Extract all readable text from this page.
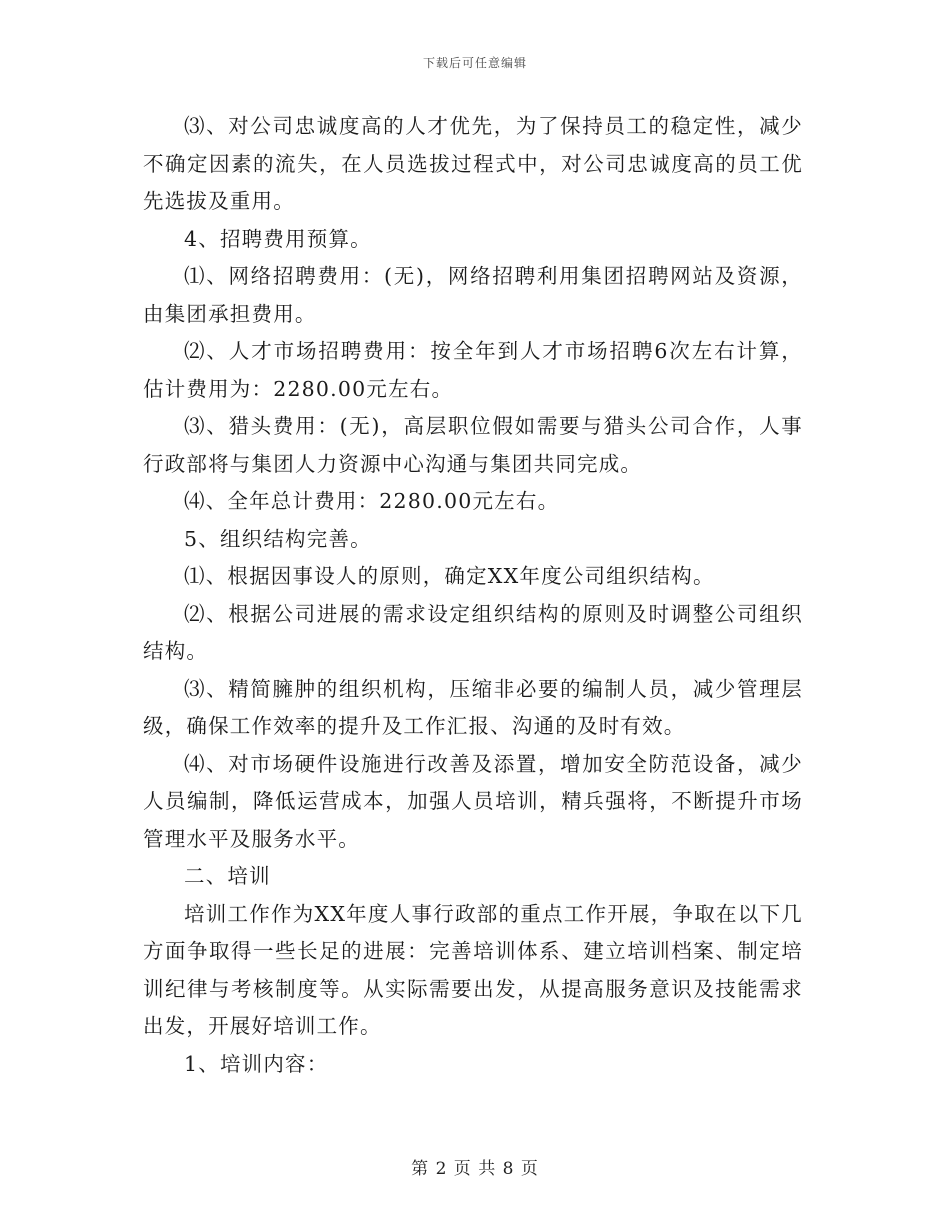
下载后可任意编辑

⑶、对公司忠诚度高的人才优先，为了保持员工的稳定性，减少不确定因素的流失，在人员选拔过程式中，对公司忠诚度高的员工优先选拔及重用。

4、招聘费用预算。

⑴、网络招聘费用：(无)，网络招聘利用集团招聘网站及资源，由集团承担费用。

⑵、人才市场招聘费用：按全年到人才市场招聘6次左右计算，估计费用为：2280.00元左右。

⑶、猎头费用：(无)，高层职位假如需要与猎头公司合作，人事行政部将与集团人力资源中心沟通与集团共同完成。

⑷、全年总计费用：2280.00元左右。

5、组织结构完善。

⑴、根据因事设人的原则，确定XX年度公司组织结构。

⑵、根据公司进展的需求设定组织结构的原则及时调整公司组织结构。

⑶、精简臃肿的组织机构，压缩非必要的编制人员，减少管理层级，确保工作效率的提升及工作汇报、沟通的及时有效。

⑷、对市场硬件设施进行改善及添置，增加安全防范设备，减少人员编制，降低运营成本，加强人员培训，精兵强将，不断提升市场管理水平及服务水平。

二、培训

培训工作作为XX年度人事行政部的重点工作开展，争取在以下几方面争取得一些长足的进展：完善培训体系、建立培训档案、制定培训纪律与考核制度等。从实际需要出发，从提高服务意识及技能需求出发，开展好培训工作。

1、培训内容：

第 2 页 共 8 页
